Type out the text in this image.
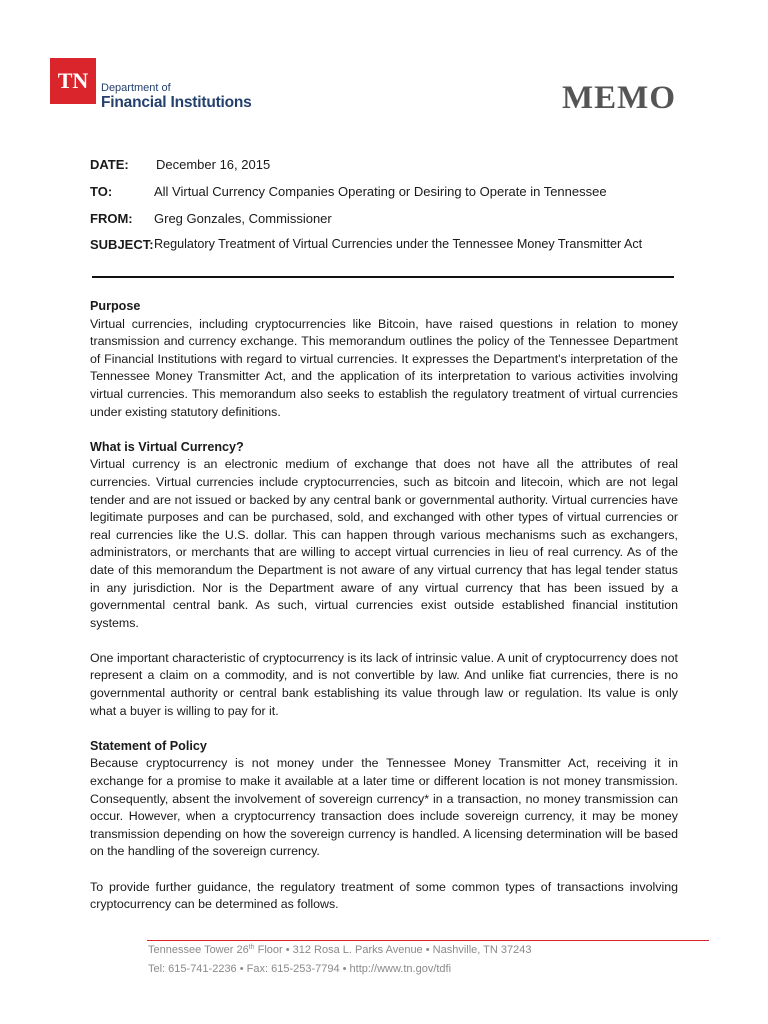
TN	Department of
Financial Institutions	MEMO
DATE: December 16, 2015
TO:	All Virtual Currency Companies Operating or Desiring to Operate in Tennessee
FROM: Greg Gonzales, Commissioner
SUBJECT: Regulatory Treatment of Virtual Currencies under the Tennessee Money Transmitter Act
Purpose

Virtual currencies, including cryptocurrencies like Bitcoin, have raised questions in relation to money transmission and currency exchange. This memorandum outlines the policy of the Tennessee Department of Financial Institutions with regard to virtual currencies. It expresses the Department's interpretation of the Tennessee Money Transmitter Act, and the application of its interpretation to various activities involving virtual currencies. This memorandum also seeks to establish the regulatory treatment of virtual currencies under existing statutory definitions.

What is Virtual Currency?

Virtual currency is an electronic medium of exchange that does not have all the attributes of real currencies. Virtual currencies include cryptocurrencies, such as bitcoin and litecoin, which are not legal tender and are not issued or backed by any central bank or governmental authority. Virtual currencies have legitimate purposes and can be purchased, sold, and exchanged with other types of virtual currencies or real currencies like the U.S. dollar. This can happen through various mechanisms such as exchangers, administrators, or merchants that are willing to accept virtual currencies in lieu of real currency. As of the date of this memorandum the Department is not aware of any virtual currency that has legal tender status in any jurisdiction. Nor is the Department aware of any virtual currency that has been issued by a governmental central bank. As such, virtual currencies exist outside established financial institution systems.

One important characteristic of cryptocurrency is its lack of intrinsic value. A unit of cryptocurrency does not represent a claim on a commodity, and is not convertible by law. And unlike fiat currencies, there is no governmental authority or central bank establishing its value through law or regulation. Its value is only what a buyer is willing to pay for it.

Statement of Policy

Because cryptocurrency is not money under the Tennessee Money Transmitter Act, receiving it in exchange for a promise to make it available at a later time or different location is not money transmission. Consequently, absent the involvement of sovereign currency* in a transaction, no money transmission can occur. However, when a cryptocurrency transaction does include sovereign currency, it may be money transmission depending on how the sovereign currency is handled. A licensing determination will be based on the handling of the sovereign currency.

To provide further guidance, the regulatory treatment of some common types of transactions involving cryptocurrency can be determined as follows.

Tennessee Tower 26th Floor • 312 Rosa L. Parks Avenue • Nashville, TN 37243
Tel: 615-741-2236 • Fax: 615-253-7794 • http://www.tn.gov/tdfi
